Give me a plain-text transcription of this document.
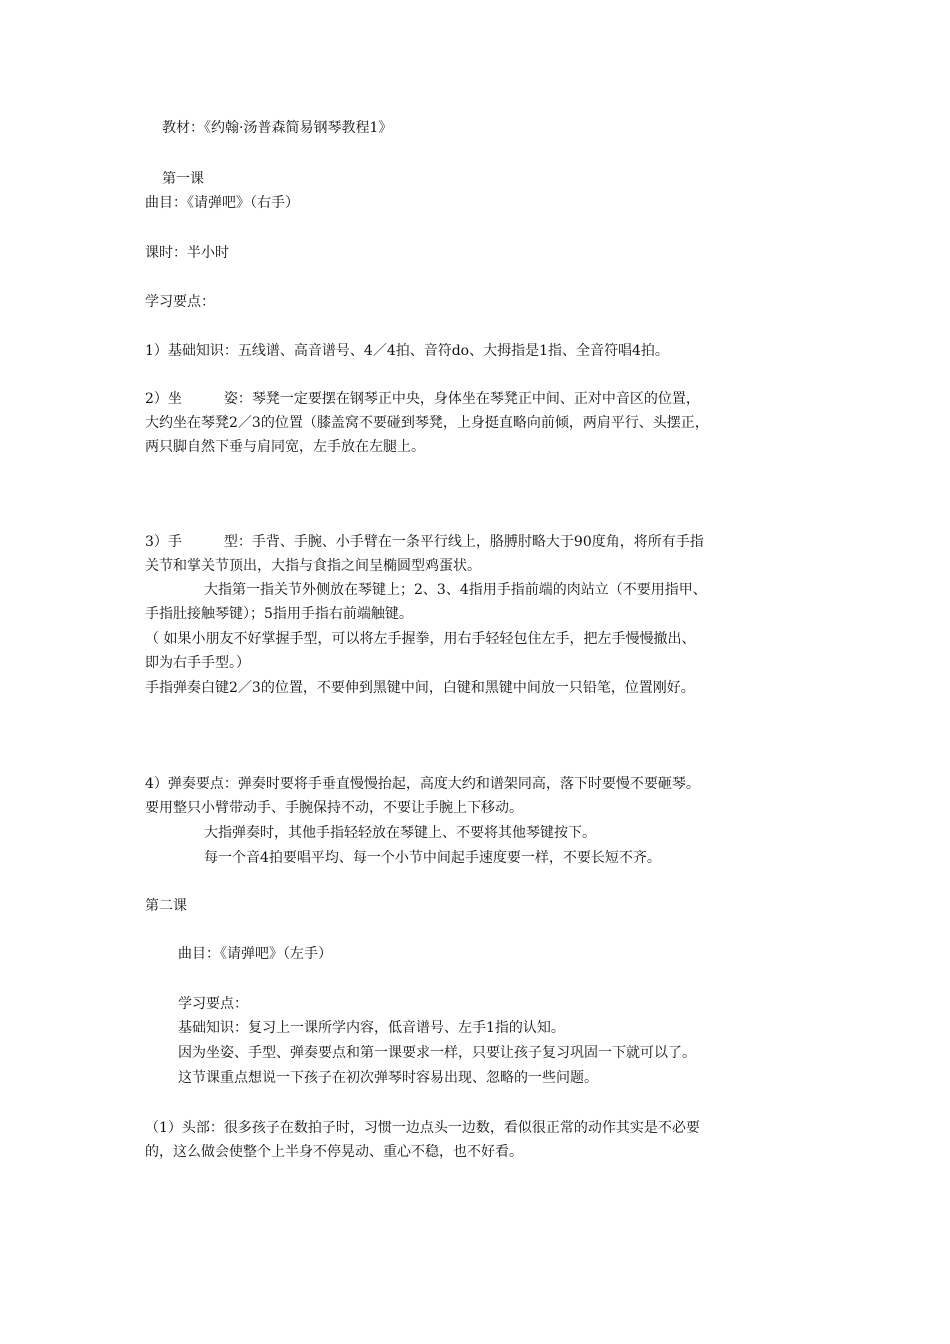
教材：《约翰·汤普森简易钢琴教程1》

第一课

曲目：《请弹吧》（右手）

课时：半小时

学习要点：

1）基础知识：五线谱、高音谱号、4／4拍、音符do、大拇指是1指、全音符唱4拍。

2）坐　　　姿：琴凳一定要摆在钢琴正中央，身体坐在琴凳正中间、正对中音区的位置，

大约坐在琴凳2／3的位置（膝盖窝不要碰到琴凳，上身挺直略向前倾，两肩平行、头摆正，

两只脚自然下垂与肩同宽，左手放在左腿上。

3）手　　　型：手背、手腕、小手臂在一条平行线上，胳膊肘略大于90度角，将所有手指

关节和掌关节顶出，大指与食指之间呈椭圆型鸡蛋状。

大指第一指关节外侧放在琴键上；2、3、4指用手指前端的肉站立（不要用指甲、

手指肚接触琴键）；5指用手指右前端触键。

（ 如果小朋友不好掌握手型，可以将左手握拳，用右手轻轻包住左手，把左手慢慢撤出、

即为右手手型。）

手指弹奏白键2／3的位置，不要伸到黑键中间，白键和黑键中间放一只铅笔，位置刚好。

4）弹奏要点：弹奏时要将手垂直慢慢抬起，高度大约和谱架同高，落下时要慢不要砸琴。

要用整只小臂带动手、手腕保持不动，不要让手腕上下移动。

大指弹奏时，其他手指轻轻放在琴键上、不要将其他琴键按下。

每一个音4拍要唱平均、每一个小节中间起手速度要一样，不要长短不齐。

第二课

曲目：《请弹吧》（左手）

学习要点：

基础知识：复习上一课所学内容，低音谱号、左手1指的认知。

因为坐姿、手型、弹奏要点和第一课要求一样，只要让孩子复习巩固一下就可以了。

这节课重点想说一下孩子在初次弹琴时容易出现、忽略的一些问题。

（1）头部：很多孩子在数拍子时，习惯一边点头一边数，看似很正常的动作其实是不必要

的，这么做会使整个上半身不停晃动、重心不稳，也不好看。
